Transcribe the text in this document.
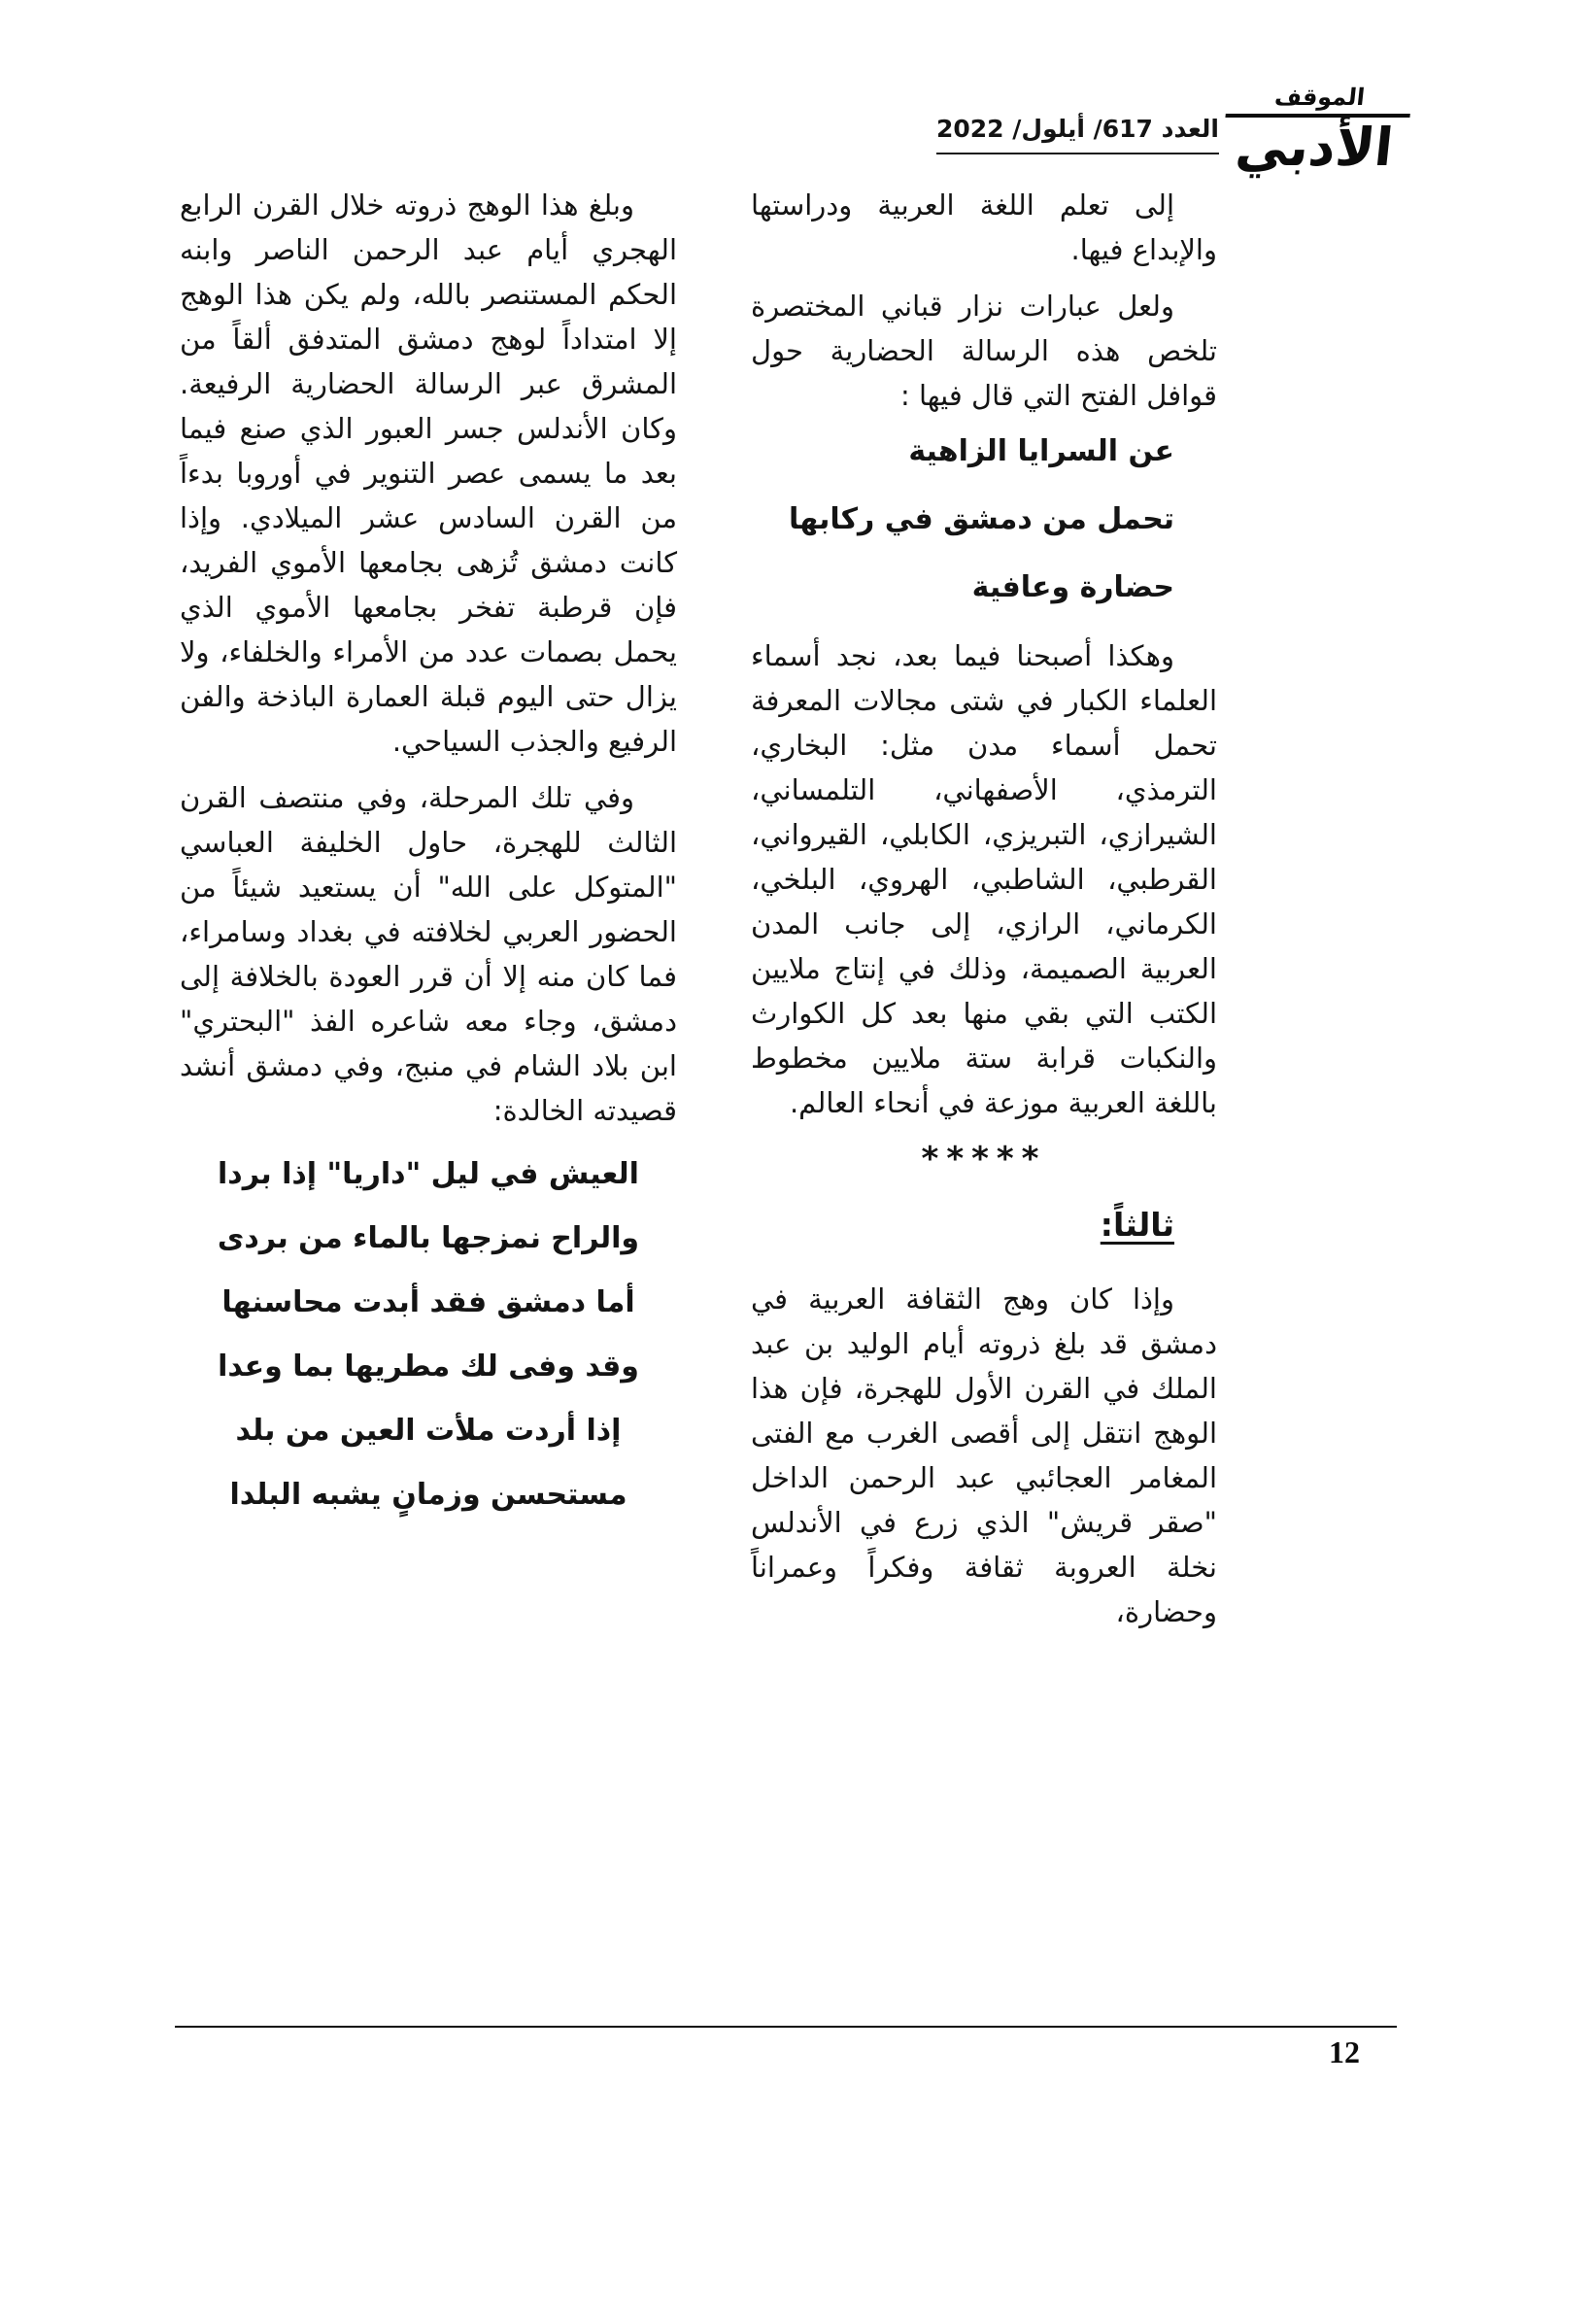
الموقف
الأدبي
العدد 617/ أيلول/ 2022

إلى تعلم اللغة العربية ودراستها والإبداع فيها.

ولعل عبارات نزار قباني المختصرة تلخص هذه الرسالة الحضارية حول قوافل الفتح التي قال فيها :

عن السرايا الزاهية
تحمل من دمشق في ركابها
حضارة وعافية

وهكذا أصبحنا فيما بعد، نجد أسماء العلماء الكبار في شتى مجالات المعرفة تحمل أسماء مدن مثل: البخاري، الترمذي، الأصفهاني، التلمساني، الشيرازي، التبريزي، الكابلي، القيرواني، القرطبي، الشاطبي، الهروي، البلخي، الكرماني، الرازي، إلى جانب المدن العربية الصميمة، وذلك في إنتاج ملايين الكتب التي بقي منها بعد كل الكوارث والنكبات قرابة ستة ملايين مخطوط باللغة العربية موزعة في أنحاء العالم.

*****
ثالثاً:

وإذا كان وهج الثقافة العربية في دمشق قد بلغ ذروته أيام الوليد بن عبد الملك في القرن الأول للهجرة، فإن هذا الوهج انتقل إلى أقصى الغرب مع الفتى المغامر العجائبي عبد الرحمن الداخل "صقر قريش" الذي زرع في الأندلس نخلة العروبة ثقافة وفكراً وعمراناً وحضارة،

وبلغ هذا الوهج ذروته خلال القرن الرابع الهجري أيام عبد الرحمن الناصر وابنه الحكم المستنصر بالله، ولم يكن هذا الوهج إلا امتداداً لوهج دمشق المتدفق ألقاً من المشرق عبر الرسالة الحضارية الرفيعة. وكان الأندلس جسر العبور الذي صنع فيما بعد ما يسمى عصر التنوير في أوروبا بدءاً من القرن السادس عشر الميلادي. وإذا كانت دمشق تُزهى بجامعها الأموي الفريد، فإن قرطبة تفخر بجامعها الأموي الذي يحمل بصمات عدد من الأمراء والخلفاء، ولا يزال حتى اليوم قبلة العمارة الباذخة والفن الرفيع والجذب السياحي.

وفي تلك المرحلة، وفي منتصف القرن الثالث للهجرة، حاول الخليفة العباسي "المتوكل على الله" أن يستعيد شيئاً من الحضور العربي لخلافته في بغداد وسامراء، فما كان منه إلا أن قرر العودة بالخلافة إلى دمشق، وجاء معه شاعره الفذ "البحتري" ابن بلاد الشام في منبج، وفي دمشق أنشد قصيدته الخالدة:

العيش في ليل "داريا" إذا بردا
والراح نمزجها بالماء من بردى
أما دمشق فقد أبدت محاسنها
وقد وفى لك مطريها بما وعدا
إذا أردت ملأت العين من بلد
مستحسن وزمانٍ يشبه البلدا
12
